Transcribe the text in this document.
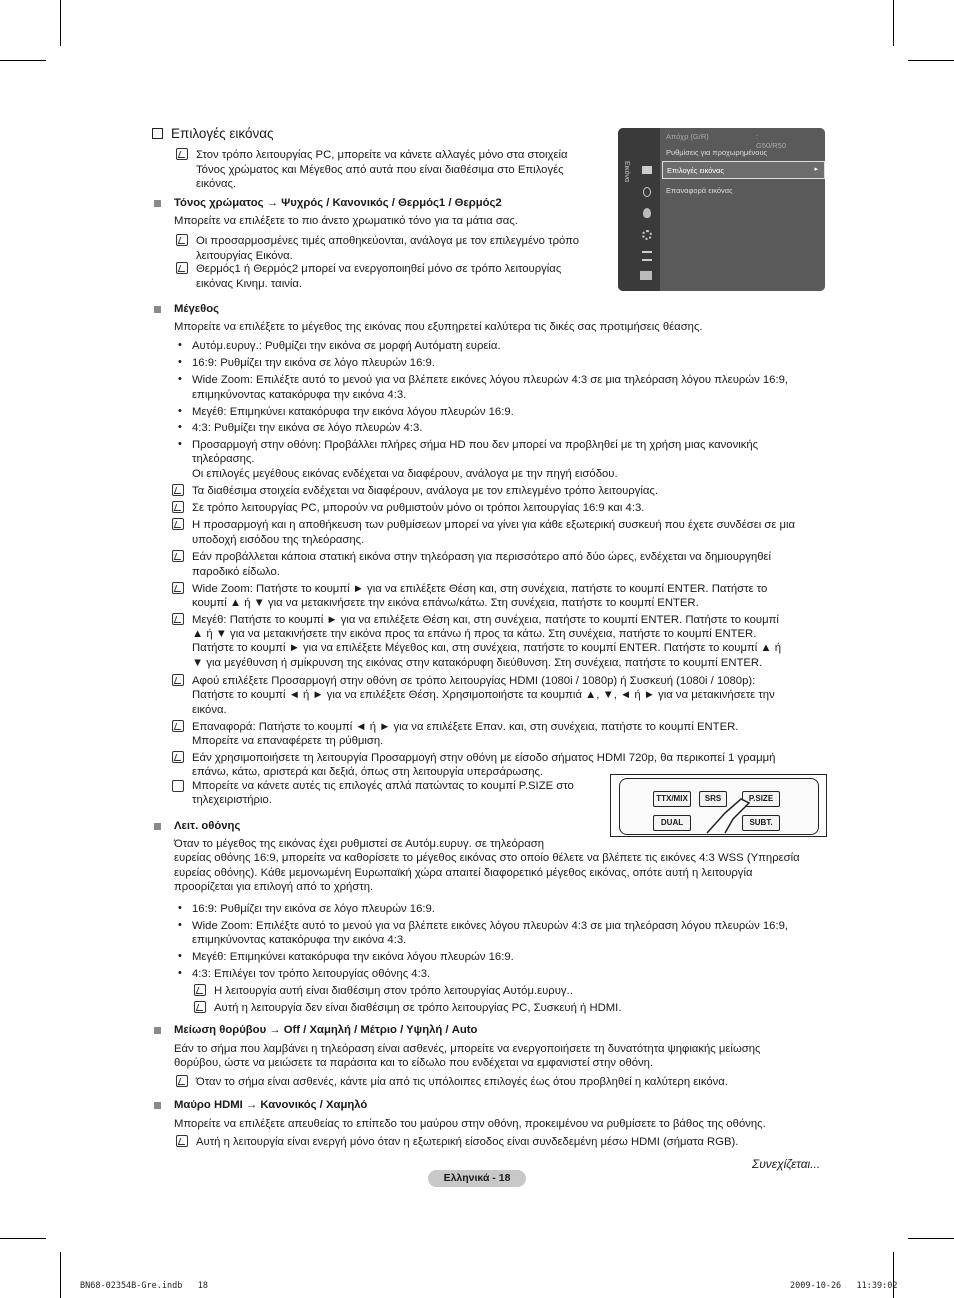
Επιλογές εικόνας
Στον τρόπο λειτουργίας PC, μπορείτε να κάνετε αλλαγές μόνο στα στοιχεία Τόνος χρώματος και Μέγεθος από αυτά που είναι διαθέσιμα στο Επιλογές εικόνας.
Τόνος χρώματος → Ψυχρός / Κανονικός / Θερμός1 / Θερμός2
Μπορείτε να επιλέξετε το πιο άνετο χρωματικό τόνο για τα μάτια σας.
Οι προσαρμοσμένες τιμές αποθηκεύονται, ανάλογα με τον επιλεγμένο τρόπο λειτουργίας Εικόνα.
Θερμός1 ή Θερμός2 μπορεί να ενεργοποιηθεί μόνο σε τρόπο λειτουργίας εικόνας Κινημ. ταινία.
Εικόνα
Απόχρ (G/R)	: G50/R50
Ρυθμίσεις για προχωρημένους
Επιλογές εικόνας	▸
Επαναφορά εικόνας
Μέγεθος
Μπορείτε να επιλέξετε το μέγεθος της εικόνας που εξυπηρετεί καλύτερα τις δικές σας προτιμήσεις θέασης.
• Αυτόμ.ευρυγ.: Ρυθμίζει την εικόνα σε μορφή Αυτόματη ευρεία.
• 16:9: Ρυθμίζει την εικόνα σε λόγο πλευρών 16:9.
• Wide Zoom: Επιλέξτε αυτό το μενού για να βλέπετε εικόνες λόγου πλευρών 4:3 σε μια τηλεόραση λόγου πλευρών 16:9,
επιμηκύνοντας κατακόρυφα την εικόνα 4:3.
• Μεγέθ: Επιμηκύνει κατακόρυφα την εικόνα λόγου πλευρών 16:9.
• 4:3: Ρυθμίζει την εικόνα σε λόγο πλευρών 4:3.
• Προσαρμογή στην οθόνη: Προβάλλει πλήρες σήμα HD που δεν μπορεί να προβληθεί με τη χρήση μιας κανονικής
τηλεόρασης.
Οι επιλογές μεγέθους εικόνας ενδέχεται να διαφέρουν, ανάλογα με την πηγή εισόδου.
Τα διαθέσιμα στοιχεία ενδέχεται να διαφέρουν, ανάλογα με τον επιλεγμένο τρόπο λειτουργίας.
Σε τρόπο λειτουργίας PC, μπορούν να ρυθμιστούν μόνο οι τρόποι λειτουργίας 16:9 και 4:3.
Η προσαρμογή και η αποθήκευση των ρυθμίσεων μπορεί να γίνει για κάθε εξωτερική συσκευή που έχετε συνδέσει σε μια
υποδοχή εισόδου της τηλεόρασης.
Εάν προβάλλεται κάποια στατική εικόνα στην τηλεόραση για περισσότερο από δύο ώρες, ενδέχεται να δημιουργηθεί
παροδικό είδωλο.
Wide Zoom: Πατήστε το κουμπί ► για να επιλέξετε Θέση και, στη συνέχεια, πατήστε το κουμπί ENTER. Πατήστε το
κουμπί ▲ ή ▼ για να μετακινήσετε την εικόνα επάνω/κάτω. Στη συνέχεια, πατήστε το κουμπί ENTER.
Μεγέθ: Πατήστε το κουμπί ► για να επιλέξετε Θέση και, στη συνέχεια, πατήστε το κουμπί ENTER. Πατήστε το κουμπί
▲ ή ▼ για να μετακινήσετε την εικόνα προς τα επάνω ή προς τα κάτω. Στη συνέχεια, πατήστε το κουμπί ENTER.
Πατήστε το κουμπί ► για να επιλέξετε Μέγεθος και, στη συνέχεια, πατήστε το κουμπί ENTER. Πατήστε το κουμπί ▲ ή
▼ για μεγέθυνση ή σμίκρυνση της εικόνας στην κατακόρυφη διεύθυνση. Στη συνέχεια, πατήστε το κουμπί ENTER.
Αφού επιλέξετε Προσαρμογή στην οθόνη σε τρόπο λειτουργίας HDMI (1080i / 1080p) ή Συσκευή (1080i / 1080p):
Πατήστε το κουμπί ◄ ή ► για να επιλέξετε Θέση. Χρησιμοποιήστε τα κουμπιά ▲, ▼, ◄ ή ► για να μετακινήσετε την
εικόνα.
Επαναφορά: Πατήστε το κουμπί ◄ ή ► για να επιλέξετε Επαν. και, στη συνέχεια, πατήστε το κουμπί ENTER.
Μπορείτε να επαναφέρετε τη ρύθμιση.
Εάν χρησιμοποιήσετε τη λειτουργία Προσαρμογή στην οθόνη με είσοδο σήματος HDMI 720p, θα περικοπεί 1 γραμμή
επάνω, κάτω, αριστερά και δεξιά, όπως στη λειτουργία υπερσάρωσης.
Μπορείτε να κάνετε αυτές τις επιλογές απλά πατώντας το κουμπί P.SIZE στο
τηλεχειριστήριο.	TTX/MIX	SRS	P.SIZE
DUAL	SUBT.
Λειτ. οθόνης
Όταν το μέγεθος της εικόνας έχει ρυθμιστεί σε Αυτόμ.ευρυγ. σε τηλεόραση
ευρείας οθόνης 16:9, μπορείτε να καθορίσετε το μέγεθος εικόνας στο οποίο θέλετε να βλέπετε τις εικόνες 4:3 WSS (Υπηρεσία
ευρείας οθόνης). Κάθε μεμονωμένη Ευρωπαϊκή χώρα απαιτεί διαφορετικό μέγεθος εικόνας, οπότε αυτή η λειτουργία
προορίζεται για επιλογή από το χρήστη.
• 16:9: Ρυθμίζει την εικόνα σε λόγο πλευρών 16:9.
• Wide Zoom: Επιλέξτε αυτό το μενού για να βλέπετε εικόνες λόγου πλευρών 4:3 σε μια τηλεόραση λόγου πλευρών 16:9,
επιμηκύνοντας κατακόρυφα την εικόνα 4:3.
• Μεγέθ: Επιμηκύνει κατακόρυφα την εικόνα λόγου πλευρών 16:9.
• 4:3: Επιλέγει τον τρόπο λειτουργίας οθόνης 4:3.
Η λειτουργία αυτή είναι διαθέσιμη στον τρόπο λειτουργίας Αυτόμ.ευρυγ..
Αυτή η λειτουργία δεν είναι διαθέσιμη σε τρόπο λειτουργίας PC, Συσκευή ή HDMI.
Μείωση θορύβου → Off / Χαμηλή / Μέτριο / Υψηλή / Auto
Εάν το σήμα που λαμβάνει η τηλεόραση είναι ασθενές, μπορείτε να ενεργοποιήσετε τη δυνατότητα ψηφιακής μείωσης
θορύβου, ώστε να μειώσετε τα παράσιτα και το είδωλο που ενδέχεται να εμφανιστεί στην οθόνη.
Όταν το σήμα είναι ασθενές, κάντε μία από τις υπόλοιπες επιλογές έως ότου προβληθεί η καλύτερη εικόνα.
Μαύρο HDMI → Κανονικός / Χαμηλό
Μπορείτε να επιλέξετε απευθείας το επίπεδο του μαύρου στην οθόνη, προκειμένου να ρυθμίσετε το βάθος της οθόνης.
Αυτή η λειτουργία είναι ενεργή μόνο όταν η εξωτερική είσοδος είναι συνδεδεμένη μέσω HDMI (σήματα RGB).
Συνεχίζεται...
Ελληνικά - 18
BN68-02354B-Gre.indb   18	2009-10-26   11:39:02
